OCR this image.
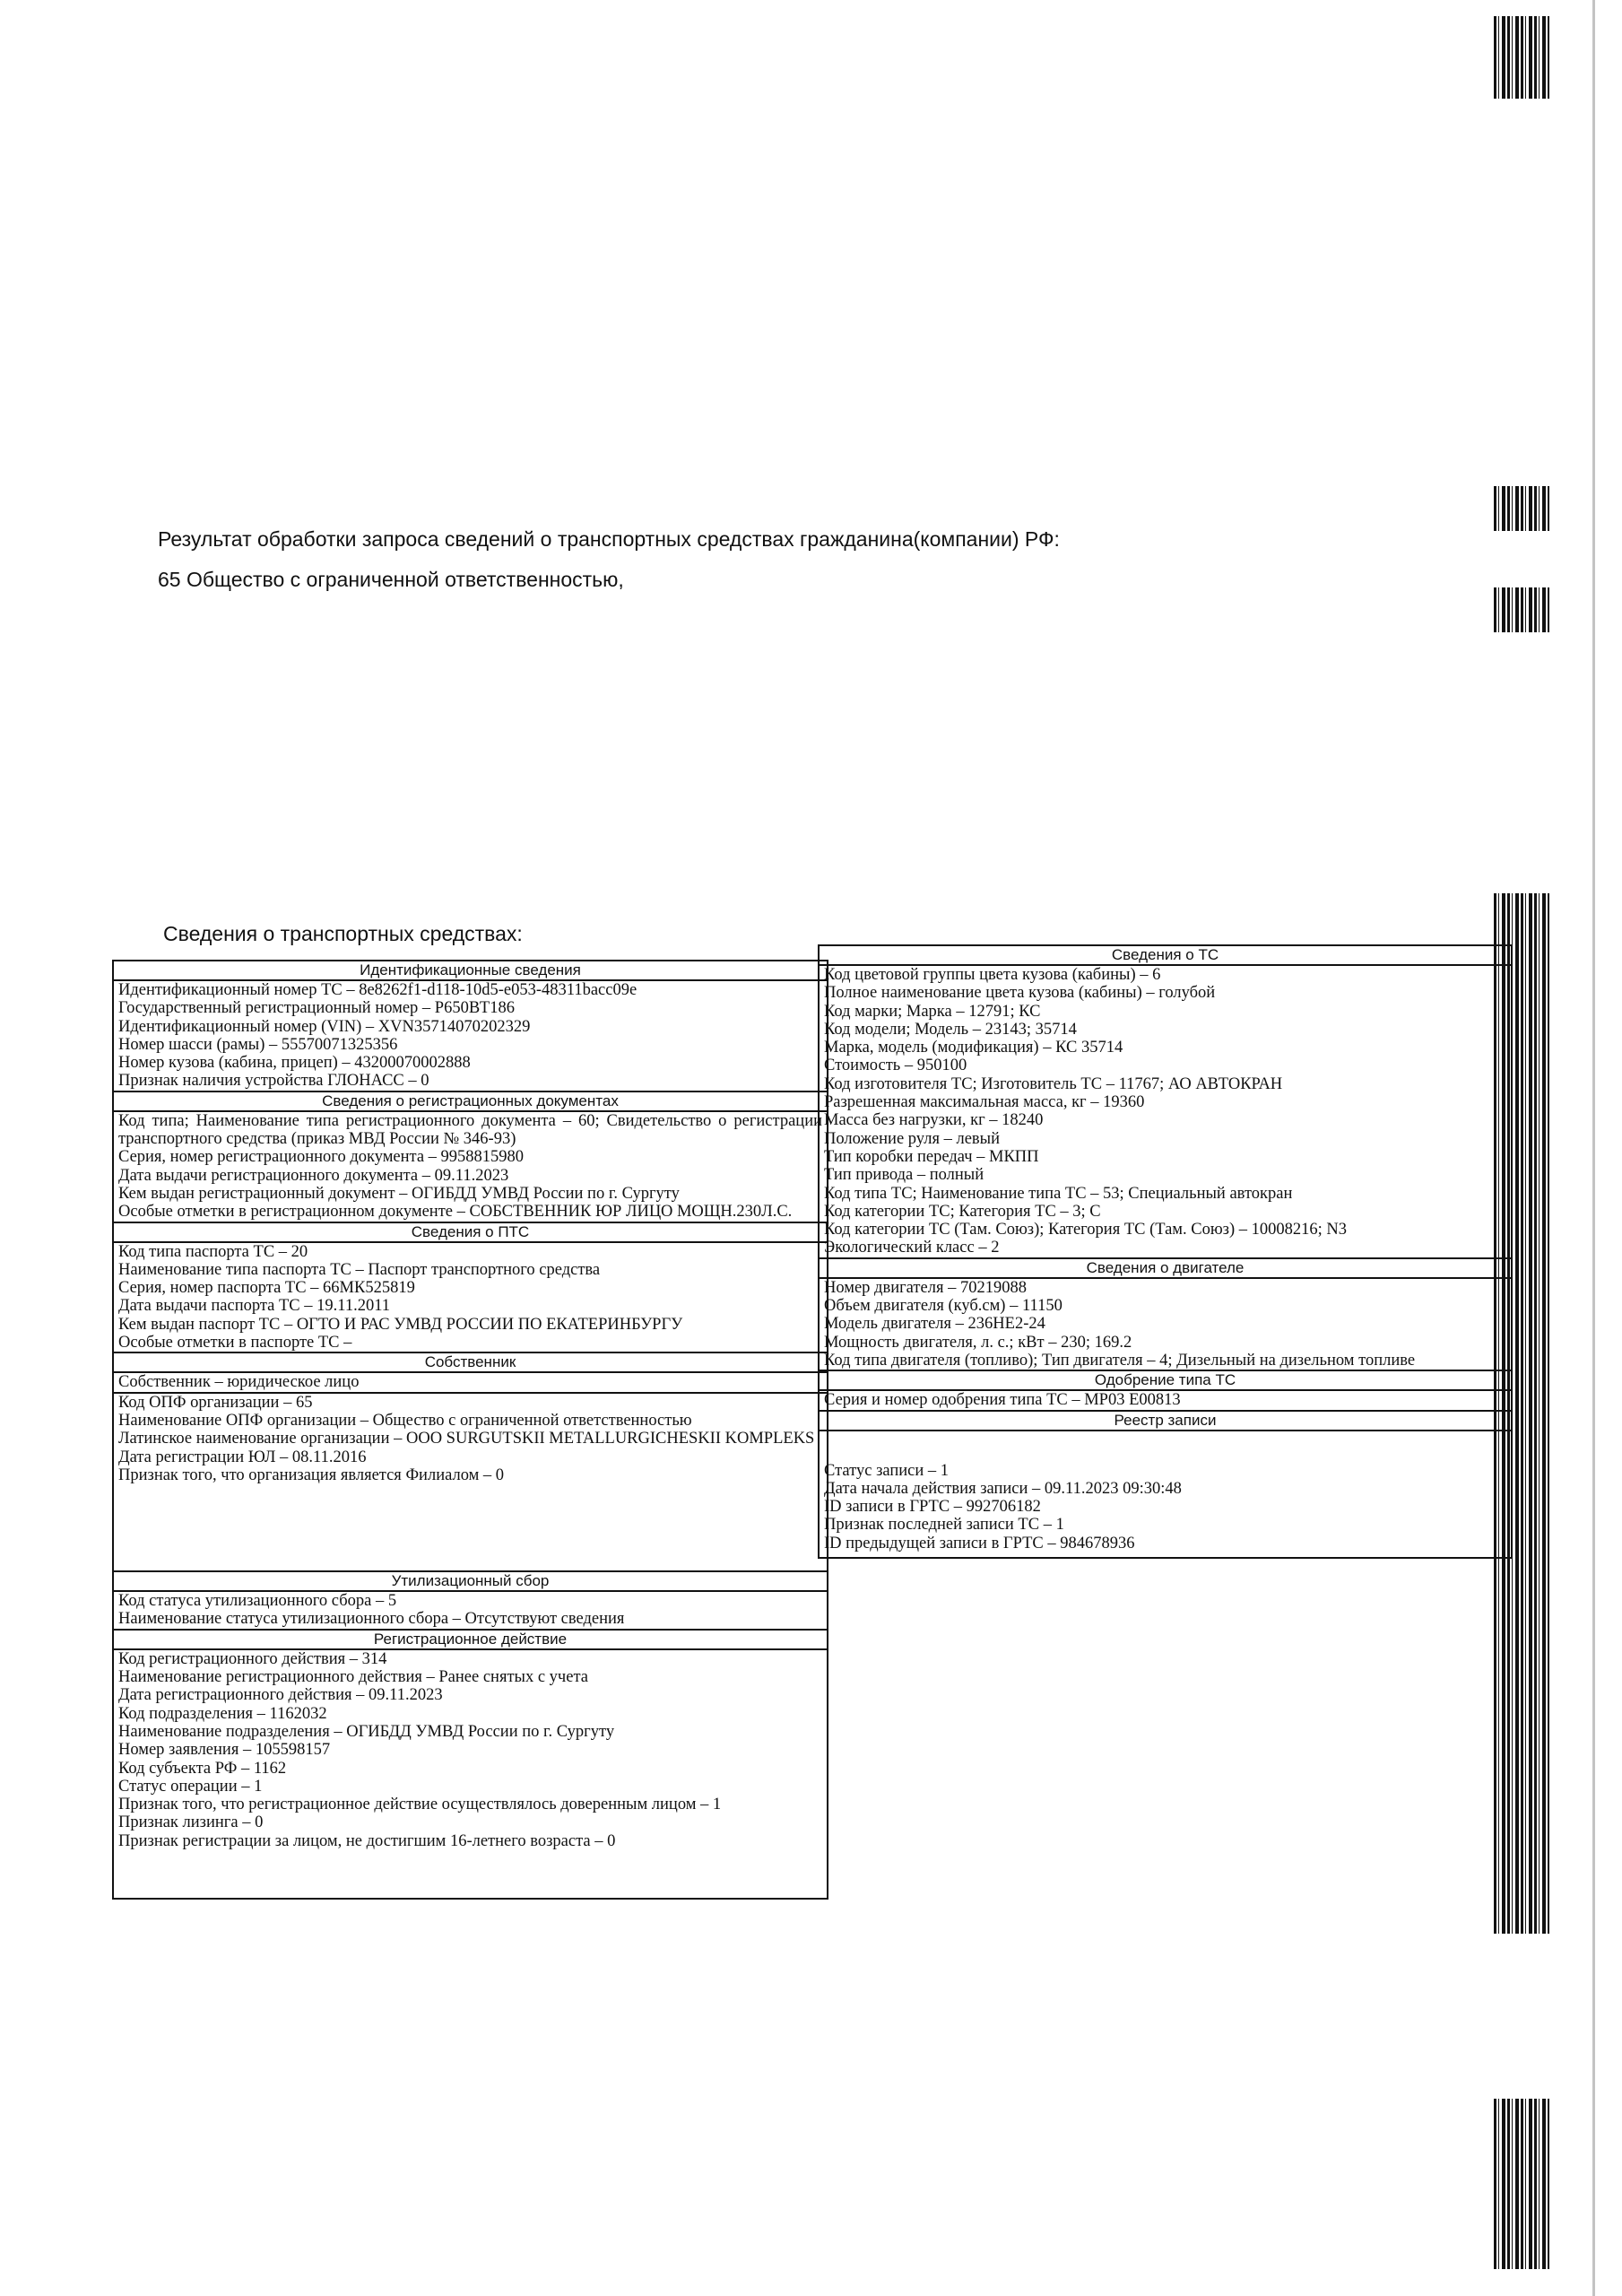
Результат обработки запроса сведений о транспортных средствах гражданина(компании) РФ:
65 Общество с ограниченной ответственностью,
Сведения о транспортных средствах:
Идентификационные сведения
Идентификационный номер ТС – 8e8262f1-d118-10d5-e053-48311bacc09e
Государственный регистрационный номер – Р650ВТ186
Идентификационный номер (VIN) – XVN35714070202329
Номер шасси (рамы) – 55570071325356
Номер кузова (кабина, прицеп) – 43200070002888
Признак наличия устройства ГЛОНАСС – 0
Сведения о регистрационных документах
Код типа; Наименование типа регистрационного документа – 60; Свидетельство о регистрации транспортного средства (приказ МВД России № 346-93)
Серия, номер регистрационного документа – 9958815980
Дата выдачи регистрационного документа – 09.11.2023
Кем выдан регистрационный документ – ОГИБДД УМВД России по г. Сургуту
Особые отметки в регистрационном документе – СОБСТВЕННИК ЮР ЛИЦО МОЩН.230Л.С.
Сведения о ПТС
Код типа паспорта ТС – 20
Наименование типа паспорта ТС – Паспорт транспортного средства
Серия, номер паспорта ТС – 66МК525819
Дата выдачи паспорта ТС – 19.11.2011
Кем выдан паспорт ТС – ОГТО И РАС УМВД РОССИИ ПО ЕКАТЕРИНБУРГУ
Особые отметки в паспорте ТС –
Собственник
Собственник – юридическое лицо
Код ОПФ организации – 65
Наименование ОПФ организации – Общество с ограниченной ответственностью
Латинское наименование организации – ООО SURGUTSKII METALLURGICHESKII KOMPLEKS
Дата регистрации ЮЛ – 08.11.2016
Признак того, что организация является Филиалом – 0
Утилизационный сбор
Код статуса утилизационного сбора – 5
Наименование статуса утилизационного сбора – Отсутствуют сведения
Регистрационное действие
Код регистрационного действия – 314
Наименование регистрационного действия – Ранее снятых с учета
Дата регистрационного действия – 09.11.2023
Код подразделения – 1162032
Наименование подразделения – ОГИБДД УМВД России по г. Сургуту
Номер заявления – 105598157
Код субъекта РФ – 1162
Статус операции – 1
Признак того, что регистрационное действие осуществлялось доверенным лицом – 1
Признак лизинга – 0
Признак регистрации за лицом, не достигшим 16-летнего возраста – 0
Сведения о ТС
Код цветовой группы цвета кузова (кабины) – 6
Полное наименование цвета кузова (кабины) – голубой
Код марки; Марка – 12791; КС
Код модели; Модель – 23143; 35714
Марка, модель (модификация) – КС 35714
Стоимость – 950100
Код изготовителя ТС; Изготовитель ТС – 11767; АО АВТОКРАН
Разрешенная максимальная масса, кг – 19360
Масса без нагрузки, кг – 18240
Положение руля – левый
Тип коробки передач – МКПП
Тип привода – полный
Код типа ТС; Наименование типа ТС – 53; Специальный автокран
Код категории ТС; Категория ТС – 3; С
Код категории ТС (Там. Союз); Категория ТС (Там. Союз) – 10008216; N3
Экологический класс – 2
Сведения о двигателе
Номер двигателя – 70219088
Объем двигателя (куб.см) – 11150
Модель двигателя – 236НЕ2-24
Мощность двигателя, л. с.; кВт – 230; 169.2
Код типа двигателя (топливо); Тип двигателя – 4; Дизельный на дизельном топливе
Одобрение типа ТС
Серия и номер одобрения типа ТС – МР03 Е00813
Реестр записи
Статус записи – 1
Дата начала действия записи – 09.11.2023 09:30:48
ID записи в ГРТС – 992706182
Признак последней записи ТС – 1
ID предыдущей записи в ГРТС – 984678936
